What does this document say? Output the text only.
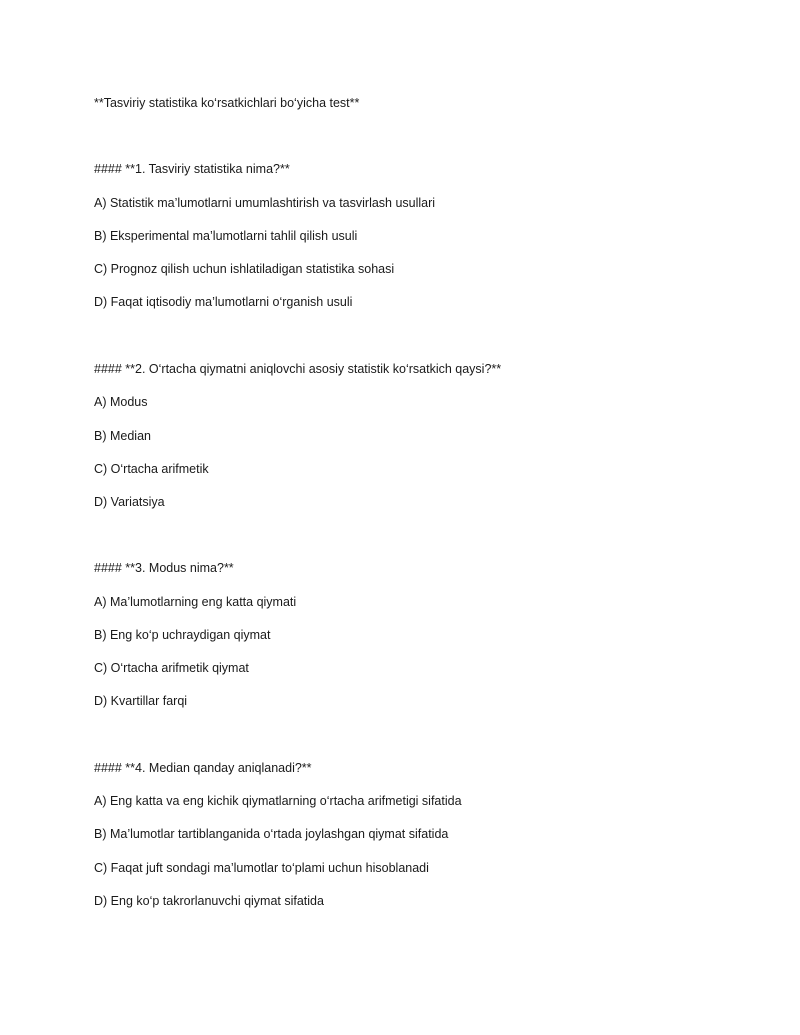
**Tasviriy statistika ko‘rsatkichlari bo‘yicha test**

#### **1. Tasviriy statistika nima?**

A) Statistik ma’lumotlarni umumlashtirish va tasvirlash usullari

B) Eksperimental ma’lumotlarni tahlil qilish usuli

C) Prognoz qilish uchun ishlatiladigan statistika sohasi

D) Faqat iqtisodiy ma’lumotlarni o‘rganish usuli

#### **2. O‘rtacha qiymatni aniqlovchi asosiy statistik ko‘rsatkich qaysi?**

A) Modus

B) Median

C) O‘rtacha arifmetik

D) Variatsiya

#### **3. Modus nima?**

A) Ma’lumotlarning eng katta qiymati

B) Eng ko‘p uchraydigan qiymat

C) O‘rtacha arifmetik qiymat

D) Kvartillar farqi

#### **4. Median qanday aniqlanadi?**

A) Eng katta va eng kichik qiymatlarning o‘rtacha arifmetigi sifatida

B) Ma’lumotlar tartiblanganida o‘rtada joylashgan qiymat sifatida

C) Faqat juft sondagi ma’lumotlar to‘plami uchun hisoblanadi

D) Eng ko‘p takrorlanuvchi qiymat sifatida
